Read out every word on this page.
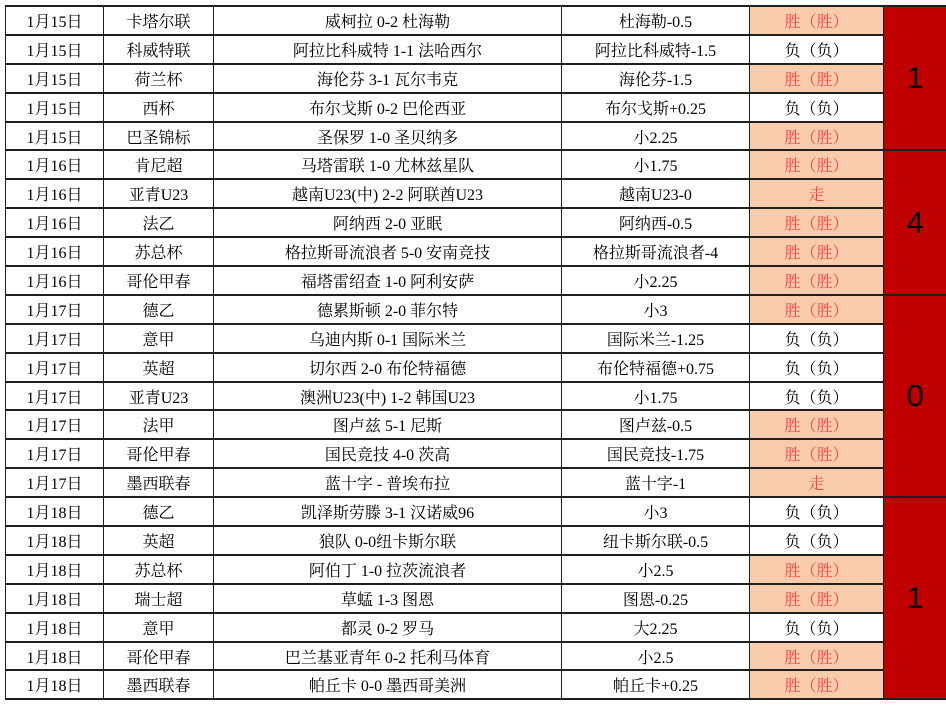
1月15日	卡塔尔联	威柯拉 0-2 杜海勒	杜海勒-0.5	胜（胜）	1
1月15日	科威特联	阿拉比科威特 1-1 法哈西尔	阿拉比科威特-1.5	负（负）	
1月15日	荷兰杯	海伦芬 3-1 瓦尔韦克	海伦芬-1.5	胜（胜）	
1月15日	西杯	布尔戈斯 0-2 巴伦西亚	布尔戈斯+0.25	负（负）	
1月15日	巴圣锦标	圣保罗 1-0 圣贝纳多	小2.25	胜（胜）	
1月16日	肯尼超	马塔雷联 1-0 尤林兹星队	小1.75	胜（胜）	4
1月16日	亚青U23	越南U23(中) 2-2 阿联酋U23	越南U23-0	走	
1月16日	法乙	阿纳西 2-0 亚眠	阿纳西-0.5	胜（胜）	
1月16日	苏总杯	格拉斯哥流浪者 5-0 安南竞技	格拉斯哥流浪者-4	胜（胜）	
1月16日	哥伦甲春	福塔雷绍查 1-0 阿利安萨	小2.25	胜（胜）	
1月17日	德乙	德累斯顿 2-0 菲尔特	小3	胜（胜）	0
1月17日	意甲	乌迪内斯 0-1 国际米兰	国际米兰-1.25	负（负）	
1月17日	英超	切尔西 2-0 布伦特福德	布伦特福德+0.75	负（负）	
1月17日	亚青U23	澳洲U23(中) 1-2 韩国U23	小1.75	负（负）	
1月17日	法甲	图卢兹 5-1 尼斯	图卢兹-0.5	胜（胜）	
1月17日	哥伦甲春	国民竞技 4-0 茨高	国民竞技-1.75	胜（胜）	
1月17日	墨西联春	蓝十字 - 普埃布拉	蓝十字-1	走	
1月18日	德乙	凯泽斯劳滕 3-1 汉诺威96	小3	负（负）	1
1月18日	英超	狼队 0-0纽卡斯尔联	纽卡斯尔联-0.5	负（负）	
1月18日	苏总杯	阿伯丁 1-0 拉茨流浪者	小2.5	胜（胜）	
1月18日	瑞士超	草蜢 1-3 图恩	图恩-0.25	胜（胜）	
1月18日	意甲	都灵 0-2 罗马	大2.25	负（负）	
1月18日	哥伦甲春	巴兰基亚青年 0-2 托利马体育	小2.5	胜（胜）	
1月18日	墨西联春	帕丘卡 0-0 墨西哥美洲	帕丘卡+0.25	胜（胜）	
